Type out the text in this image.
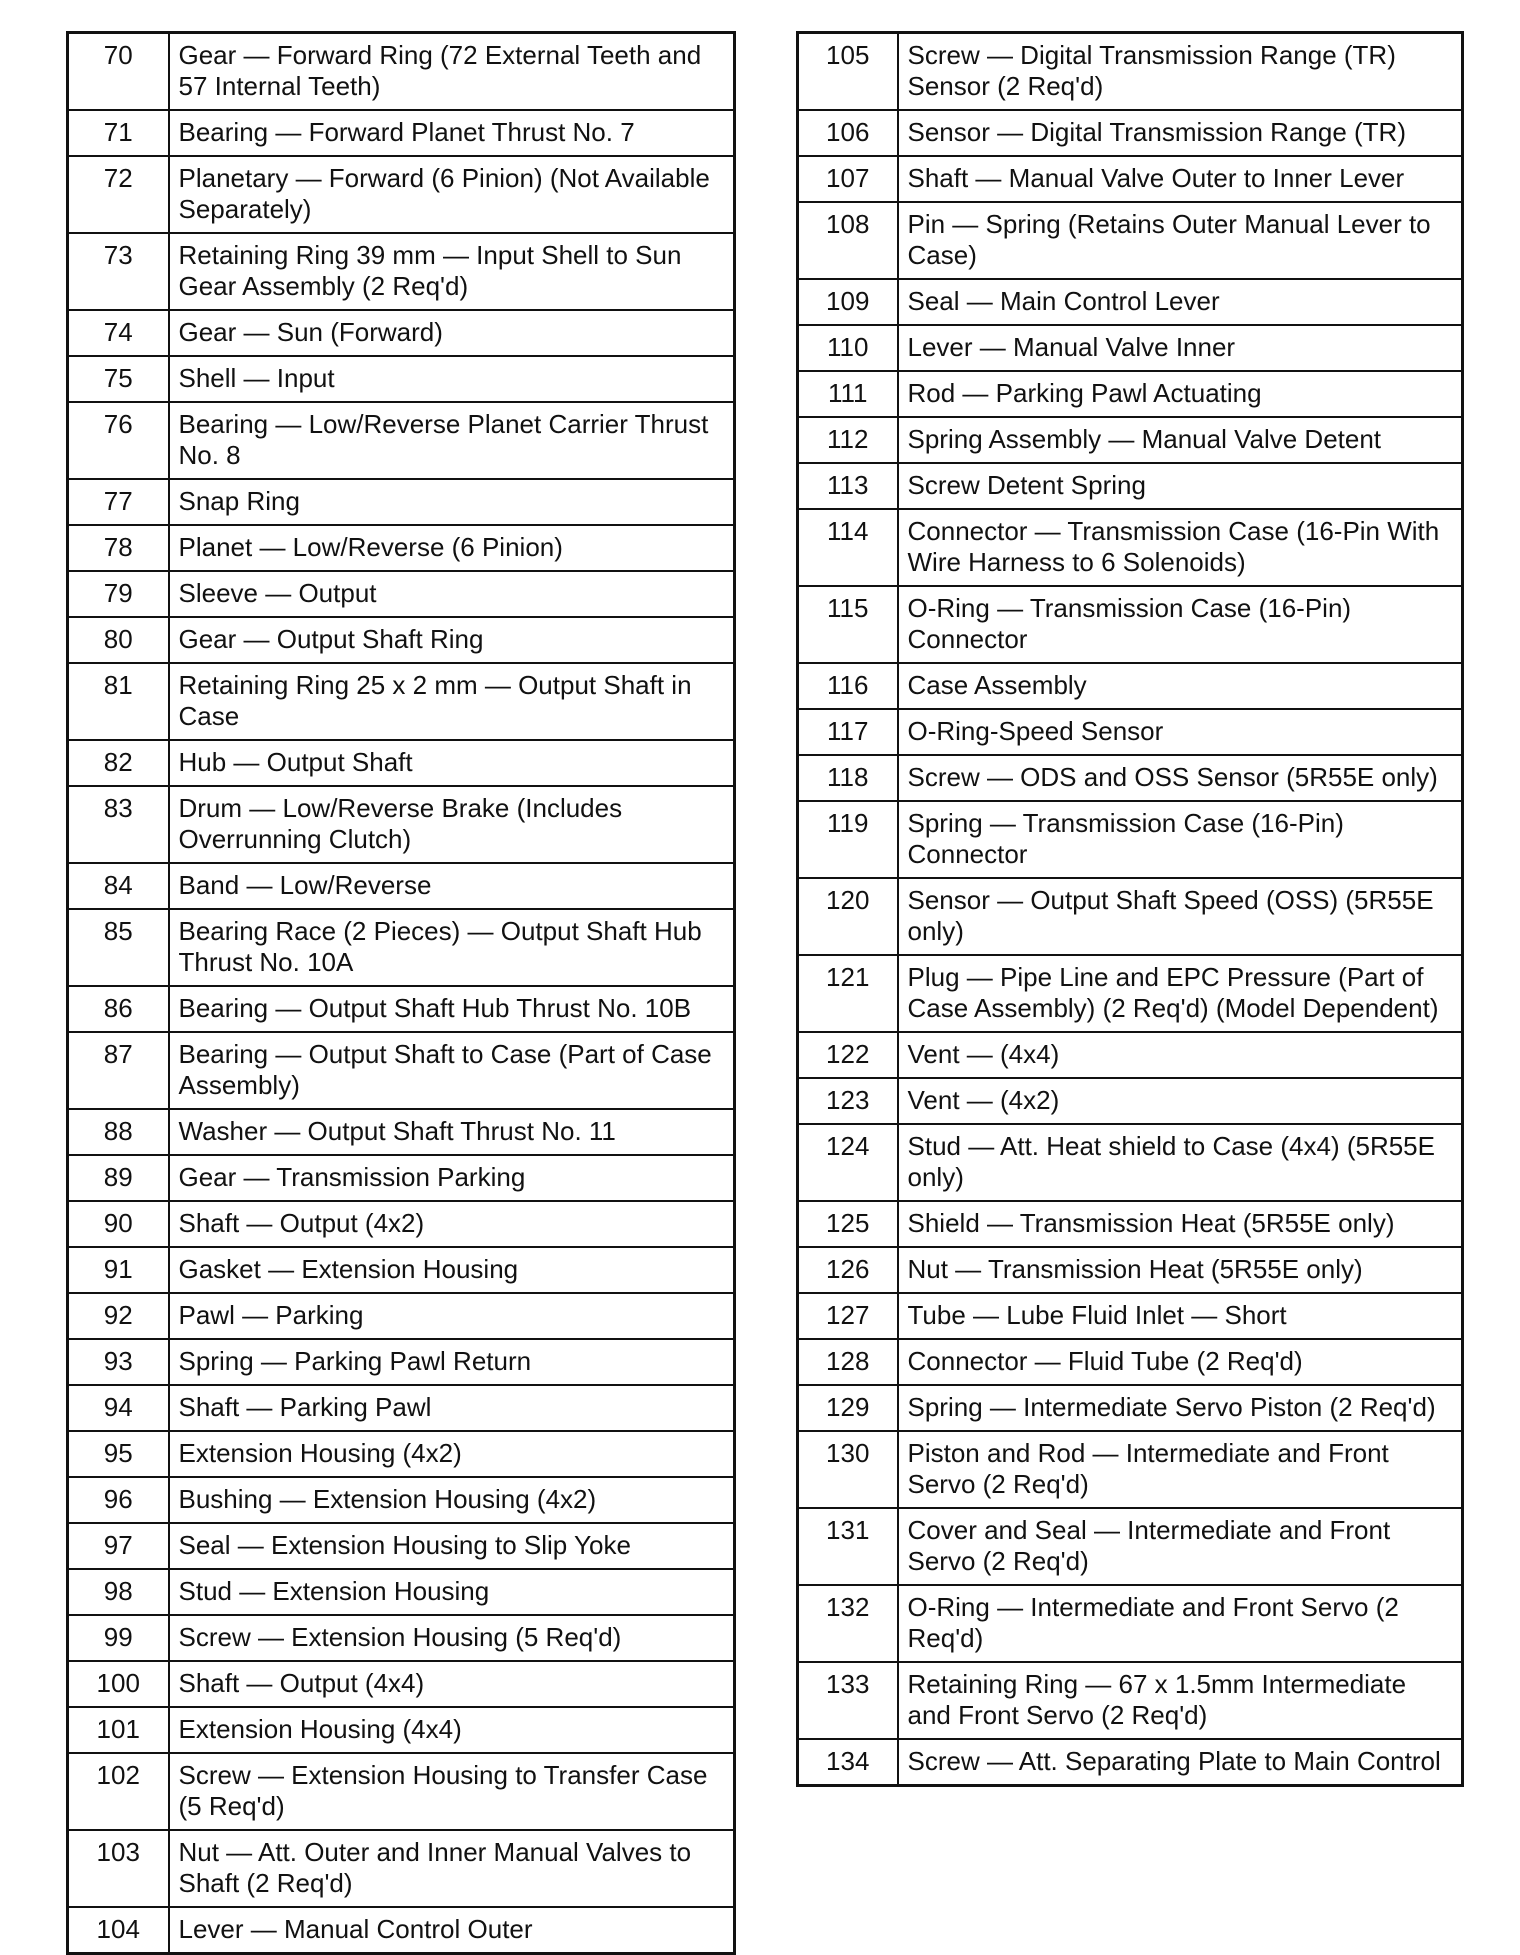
70	Gear — Forward Ring (72 External Teeth and 57 Internal Teeth)
71	Bearing — Forward Planet Thrust No. 7
72	Planetary — Forward (6 Pinion) (Not Available Separately)
73	Retaining Ring 39 mm — Input Shell to Sun Gear Assembly (2 Req'd)
74	Gear — Sun (Forward)
75	Shell — Input
76	Bearing — Low/Reverse Planet Carrier Thrust No. 8
77	Snap Ring
78	Planet — Low/Reverse (6 Pinion)
79	Sleeve — Output
80	Gear — Output Shaft Ring
81	Retaining Ring 25 x 2 mm — Output Shaft in Case
82	Hub — Output Shaft
83	Drum — Low/Reverse Brake (Includes Overrunning Clutch)
84	Band — Low/Reverse
85	Bearing Race (2 Pieces) — Output Shaft Hub Thrust No. 10A
86	Bearing — Output Shaft Hub Thrust No. 10B
87	Bearing — Output Shaft to Case (Part of Case Assembly)
88	Washer — Output Shaft Thrust No. 11
89	Gear — Transmission Parking
90	Shaft — Output (4x2)
91	Gasket — Extension Housing
92	Pawl — Parking
93	Spring — Parking Pawl Return
94	Shaft — Parking Pawl
95	Extension Housing (4x2)
96	Bushing — Extension Housing (4x2)
97	Seal — Extension Housing to Slip Yoke
98	Stud — Extension Housing
99	Screw — Extension Housing (5 Req'd)
100	Shaft — Output (4x4)
101	Extension Housing (4x4)
102	Screw — Extension Housing to Transfer Case (5 Req'd)
103	Nut — Att. Outer and Inner Manual Valves to Shaft (2 Req'd)
104	Lever — Manual Control Outer
105	Screw — Digital Transmission Range (TR) Sensor (2 Req'd)
106	Sensor — Digital Transmission Range (TR)
107	Shaft — Manual Valve Outer to Inner Lever
108	Pin — Spring (Retains Outer Manual Lever to Case)
109	Seal — Main Control Lever
110	Lever — Manual Valve Inner
111	Rod — Parking Pawl Actuating
112	Spring Assembly — Manual Valve Detent
113	Screw Detent Spring
114	Connector — Transmission Case (16-Pin With Wire Harness to 6 Solenoids)
115	O-Ring — Transmission Case (16-Pin) Connector
116	Case Assembly
117	O-Ring-Speed Sensor
118	Screw — ODS and OSS Sensor (5R55E only)
119	Spring — Transmission Case (16-Pin) Connector
120	Sensor — Output Shaft Speed (OSS) (5R55E only)
121	Plug — Pipe Line and EPC Pressure (Part of Case Assembly) (2 Req'd) (Model Dependent)
122	Vent — (4x4)
123	Vent — (4x2)
124	Stud — Att. Heat shield to Case (4x4) (5R55E only)
125	Shield — Transmission Heat (5R55E only)
126	Nut — Transmission Heat (5R55E only)
127	Tube — Lube Fluid Inlet — Short
128	Connector — Fluid Tube (2 Req'd)
129	Spring — Intermediate Servo Piston (2 Req'd)
130	Piston and Rod — Intermediate and Front Servo (2 Req'd)
131	Cover and Seal — Intermediate and Front Servo (2 Req'd)
132	O-Ring — Intermediate and Front Servo (2 Req'd)
133	Retaining Ring — 67 x 1.5mm Intermediate and Front Servo (2 Req'd)
134	Screw — Att. Separating Plate to Main Control
